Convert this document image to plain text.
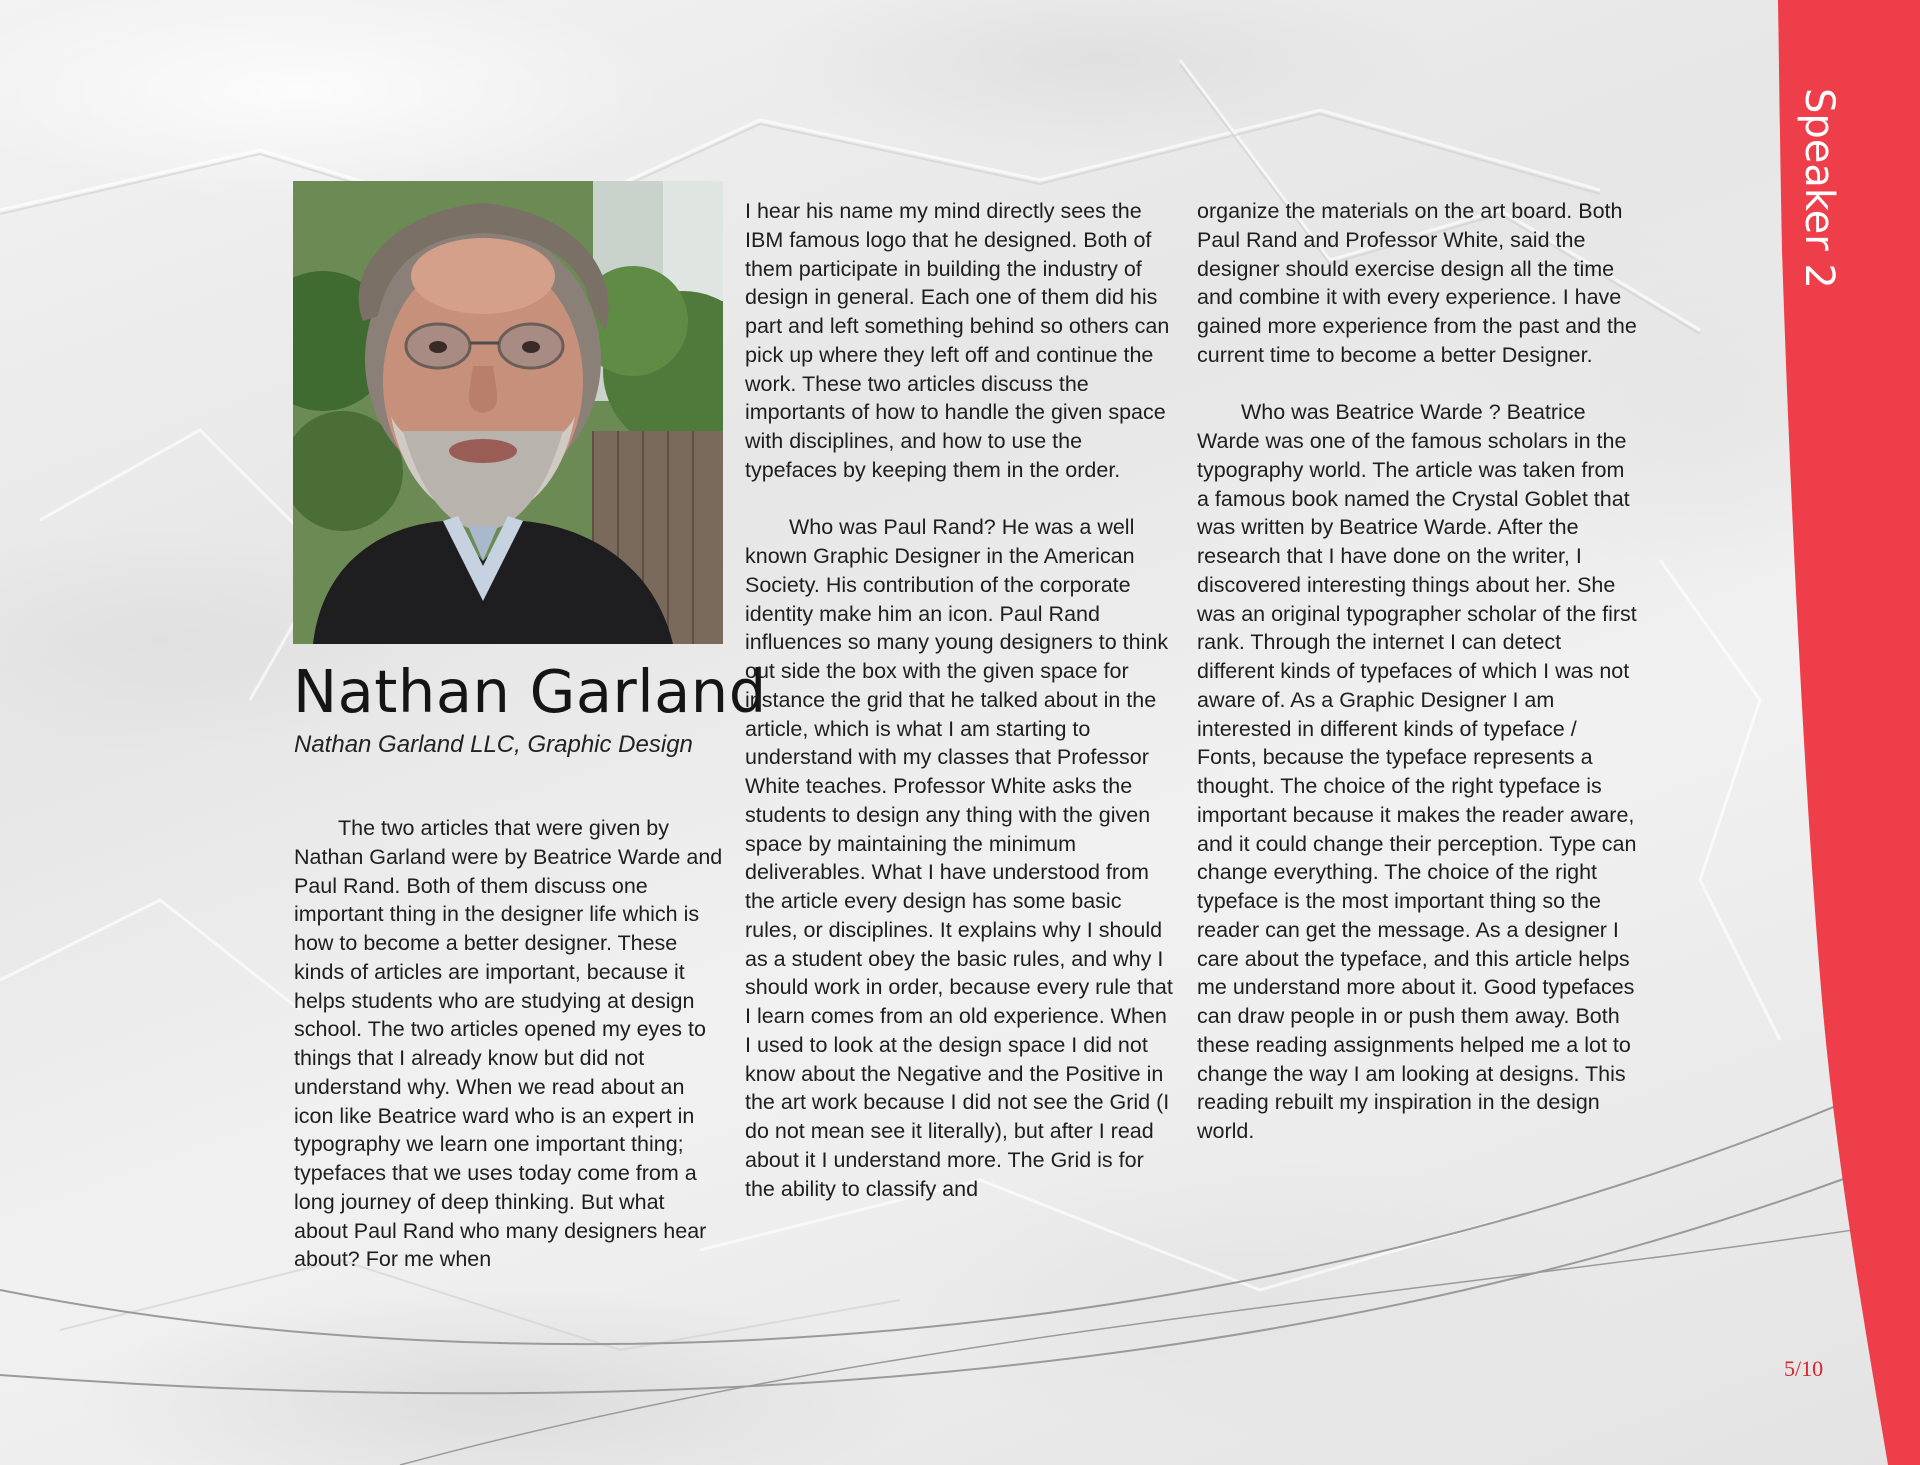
Nathan Garland

Nathan Garland LLC, Graphic Design

The two articles that were given by Nathan Garland were by Beatrice Warde and Paul Rand. Both of them discuss one important thing in the designer life which is how to become a better designer. These kinds of articles are important, because it helps students who are studying at design school. The two articles opened my eyes to things that I already know but did not understand why. When we read about an icon like Beatrice ward who is an expert in typography we learn one important thing; typefaces that we uses today come from a long journey of deep thinking. But what about Paul Rand who many designers hear about? For me when

I hear his name my mind directly sees the IBM famous logo that he designed. Both of them participate in building the industry of design in general. Each one of them did his part and left something behind so others can pick up where they left off and continue the work. These two articles discuss the importants of how to handle the given space with disciplines, and how to use the typefaces by keeping them in the order.

Who was Paul Rand? He was a well known Graphic Designer in the American Society. His contribution of the corporate identity make him an icon. Paul Rand influences so many young designers to think out side the box with the given space for instance the grid that he talked about in the article, which is what I am starting to understand with my classes that Professor White teaches. Professor White asks the students to design any thing with the given space by maintaining the minimum deliverables. What I have understood from the article every design has some basic rules, or disciplines. It explains why I should as a student obey the basic rules, and why I should work in order, because every rule that I learn comes from an old experience. When I used to look at the design space I did not know about the Negative and the Positive in the art work because I did not see the Grid (I do not mean see it literally), but after I read about it I understand more. The Grid is for the ability to classify and

organize the materials on the art board. Both Paul Rand and Professor White, said the designer should exercise design all the time and combine it with every experience. I have gained more experience from the past and the current time to become a better Designer.

Who was Beatrice Warde ? Beatrice Warde was one of the famous scholars in the typography world. The article was taken from a famous book named the Crystal Goblet that was written by Beatrice Warde. After the research that I have done on the writer, I discovered interesting things about her. She was an original typographer scholar of the first rank. Through the internet I can detect different kinds of typefaces of which I was not aware of. As a Graphic Designer I am interested in different kinds of typeface / Fonts, because the typeface represents a thought. The choice of the right typeface is important because it makes the reader aware, and it could change their perception. Type can change everything. The choice of the right typeface is the most important thing so the reader can get the message. As a designer I care about the typeface, and this article helps me understand more about it. Good typefaces can draw people in or push them away. Both these reading assignments helped me a lot to change the way I am looking at designs. This reading rebuilt my inspiration in the design world.

Speaker 2
5/10
